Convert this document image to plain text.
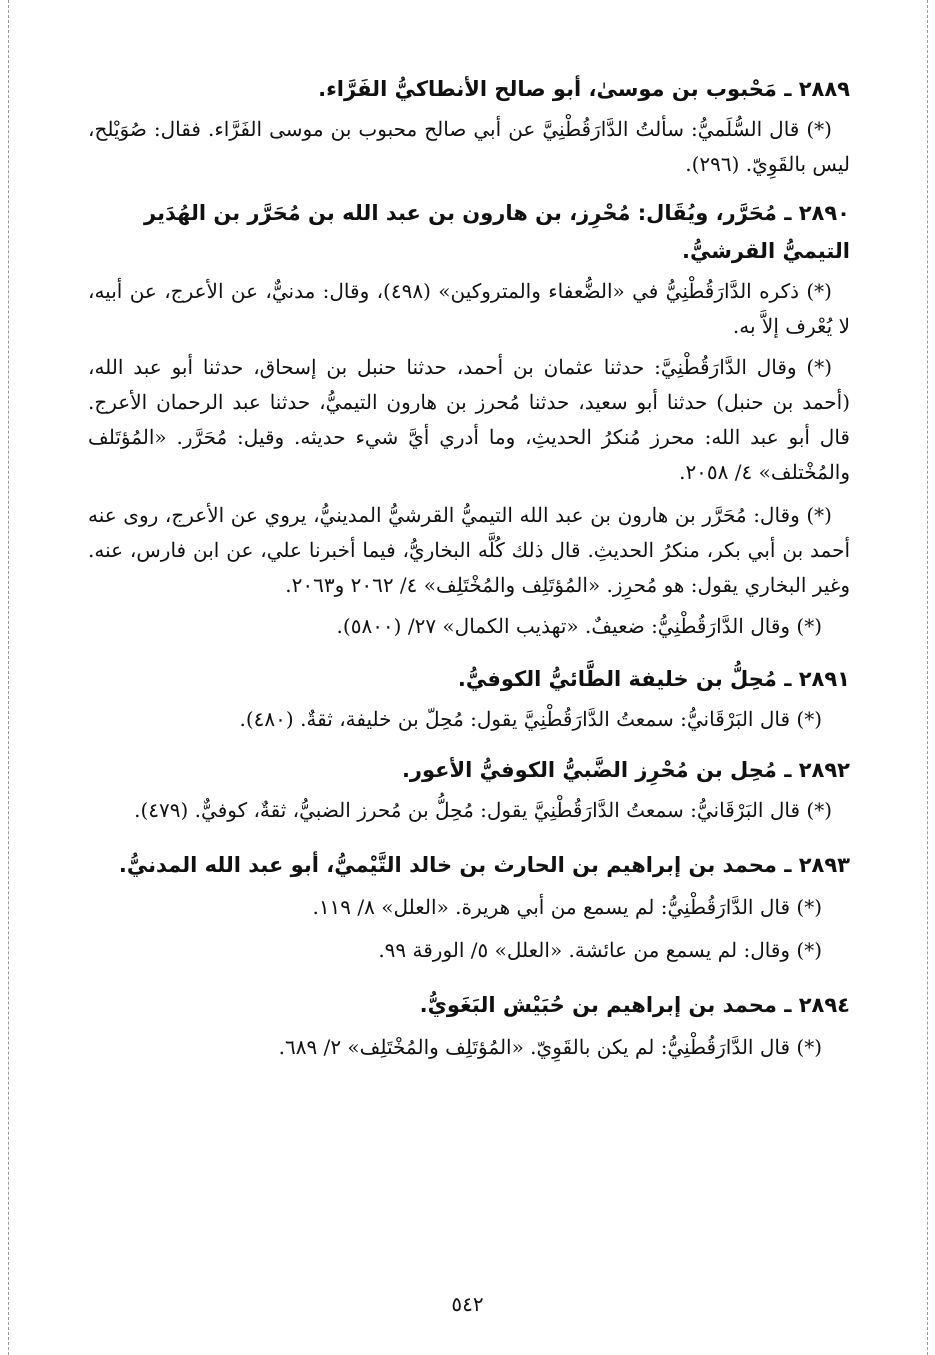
٢٨٨٩ ـ مَحْبوب بن موسىٰ، أبو صالح الأنطاكيُّ الفَرَّاء.

(*) قال السُّلَميُّ: سألتُ الدَّارَقُطْنِيَّ عن أبي صالح محبوب بن موسى الفَرَّاء. فقال: صُوَيْلح، ليس بالقَوِيّ. (٢٩٦).

٢٨٩٠ ـ مُحَرَّر، ويُقَال: مُحْرِز، بن هارون بن عبد الله بن مُحَرَّر بن الهُدَير التيميُّ القرشيُّ.

(*) ذكره الدَّارَقُطْنِيُّ في «الضُّعفاء والمتروكين» (٤٩٨)، وقال: مدنيٌّ، عن الأعرج، عن أبيه، لا يُعْرف إلاَّ به.

(*) وقال الدَّارَقُطْنِيَّ: حدثنا عثمان بن أحمد، حدثنا حنبل بن إسحاق، حدثنا أبو عبد الله، (أحمد بن حنبل) حدثنا أبو سعيد، حدثنا مُحرز بن هارون التيميُّ، حدثنا عبد الرحمان الأعرج. قال أبو عبد الله: محرز مُنكرُ الحديثِ، وما أدري أيَّ شيء حديثه. وقيل: مُحَرَّر. «المُؤتَلف والمُخْتلف» ٤/ ٢٠٥٨.

(*) وقال: مُحَرَّر بن هارون بن عبد الله التيميُّ القرشيُّ المدينيُّ، يروي عن الأعرج، روى عنه أحمد بن أبي بكر، منكرُ الحديثِ. قال ذلك كُلَّه البخاريُّ، فيما أخبرنا علي، عن ابن فارس، عنه. وغير البخاري يقول: هو مُحرِز. «المُؤتَلِف والمُخْتَلِف» ٤/ ٢٠٦٢ و٢٠٦٣.

(*) وقال الدَّارَقُطْنِيُّ: ضعيفٌ. «تهذيب الكمال» ٢٧/ (٥٨٠٠).

٢٨٩١ ـ مُحِلُّ بن خليفة الطَّائيُّ الكوفيُّ.

(*) قال البَرْقَانيُّ: سمعتُ الدَّارَقُطْنِيَّ يقول: مُحِلّ بن خليفة، ثقةٌ. (٤٨٠).

٢٨٩٢ ـ مُحِل بن مُحْرِز الضَّبيُّ الكوفيُّ الأعور.

(*) قال البَرْقَانيُّ: سمعتُ الدَّارَقُطْنِيَّ يقول: مُحِلُّ بن مُحرز الضبيُّ، ثقةٌ، كوفيٌّ. (٤٧٩).

٢٨٩٣ ـ محمد بن إبراهيم بن الحارث بن خالد التَّيْميُّ، أبو عبد الله المدنيُّ.

(*) قال الدَّارَقُطْنِيُّ: لم يسمع من أبي هريرة. «العلل» ٨/ ١١٩.

(*) وقال: لم يسمع من عائشة. «العلل» ٥/ الورقة ٩٩.

٢٨٩٤ ـ محمد بن إبراهيم بن حُبَيْش البَغَويُّ.

(*) قال الدَّارَقُطْنِيُّ: لم يكن بالقَوِيّ. «المُؤتَلِف والمُخْتَلِف» ٢/ ٦٨٩.

٥٤٢
